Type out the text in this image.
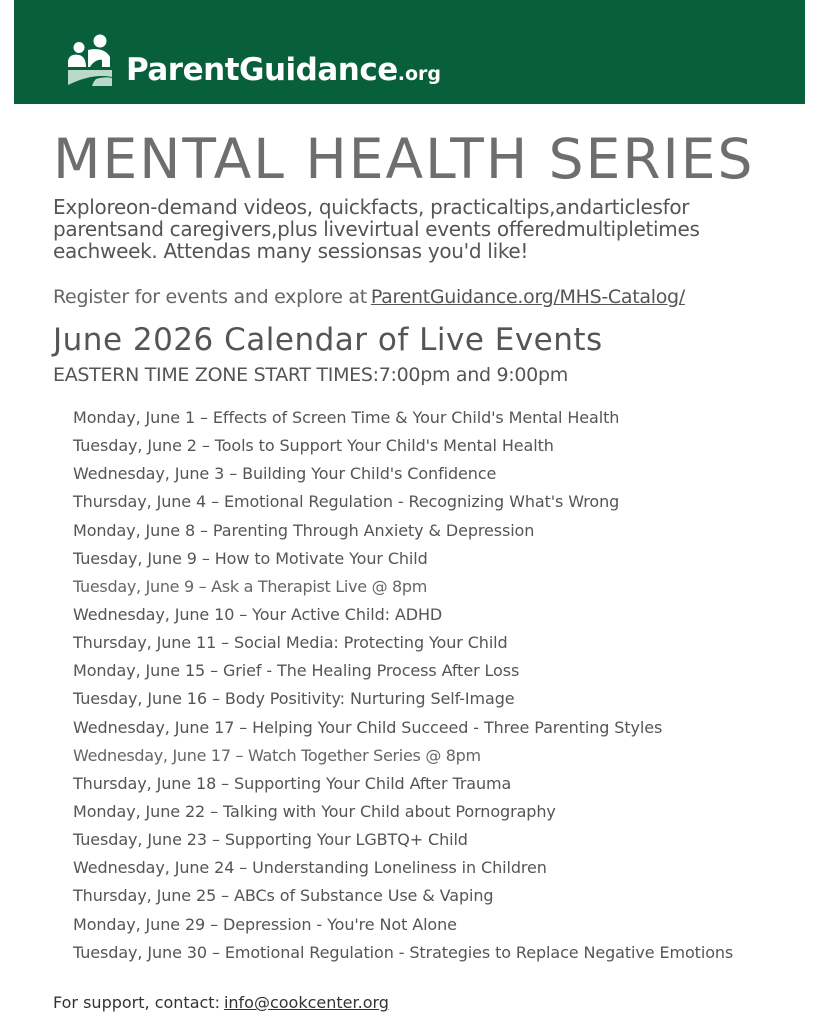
ParentGuidance.org
MENTAL HEALTH SERIES

Exploreon-demand videos, quickfacts, practicaltips,andarticlesfor parentsand caregivers,plus livevirtual events offeredmultipletimes eachweek. Attendas many sessionsas you'd like!

Register for events and explore at ParentGuidance.org/MHS-Catalog/

June 2026 Calendar of Live Events

EASTERN TIME ZONE START TIMES:7:00pm and 9:00pm

Monday, June 1 – Effects of Screen Time & Your Child's Mental Health
Tuesday, June 2 – Tools to Support Your Child's Mental Health
Wednesday, June 3 – Building Your Child's Confidence
Thursday, June 4 – Emotional Regulation - Recognizing What's Wrong
Monday, June 8 – Parenting Through Anxiety & Depression
Tuesday, June 9 – How to Motivate Your Child
Tuesday, June 9 – Ask a Therapist Live @ 8pm
Wednesday, June 10 – Your Active Child: ADHD
Thursday, June 11 – Social Media: Protecting Your Child
Monday, June 15 – Grief - The Healing Process After Loss
Tuesday, June 16 – Body Positivity: Nurturing Self-Image
Wednesday, June 17 – Helping Your Child Succeed - Three Parenting Styles
Wednesday, June 17 – Watch Together Series @ 8pm
Thursday, June 18 – Supporting Your Child After Trauma
Monday, June 22 – Talking with Your Child about Pornography
Tuesday, June 23 – Supporting Your LGBTQ+ Child
Wednesday, June 24 – Understanding Loneliness in Children
Thursday, June 25 – ABCs of Substance Use & Vaping
Monday, June 29 – Depression - You're Not Alone
Tuesday, June 30 – Emotional Regulation - Strategies to Replace Negative Emotions

For support, contact: info@cookcenter.org
